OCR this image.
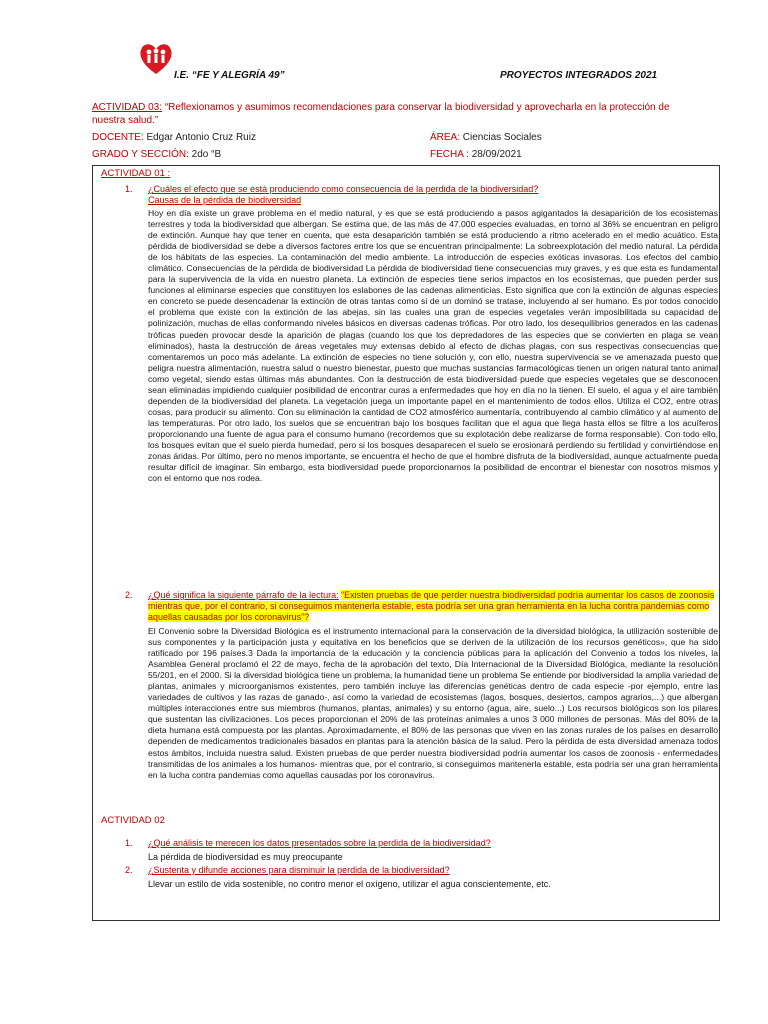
I.E. “FE Y ALEGRÍA 49”	PROYECTOS INTEGRADOS 2021
ACTIVIDAD 03: “Reflexionamos y asumimos recomendaciones para conservar la biodiversidad y aprovecharla en la protección de nuestra salud.”
DOCENTE: Edgar Antonio Cruz Ruiz	ÁREA: Ciencias Sociales
GRADO Y SECCIÓN: 2do “B	FECHA : 28/09/2021
ACTIVIDAD 01 :
1. ¿Cuáles el efecto que se está produciendo como consecuencia de la perdida de la biodiversidad?
Causas de la pérdida de biodiversidad
Hoy en día existe un grave problema en el medio natural, y es que se está produciendo a pasos agigantados la desaparición de los ecosistemas terrestres y toda la biodiversidad que albergan. Se estima que, de las más de 47.000 especies evaluadas, en torno al 36% se encuentran en peligro de extinción. Aunque hay que tener en cuenta, que esta desaparición también se está produciendo a ritmo acelerado en el medio acuático. Esta pérdida de biodiversidad se debe a diversos factores entre los que se encuentran principalmente: La sobreexplotación del medio natural. La pérdida de los hábitats de las especies. La contaminación del medio ambiente. La introducción de especies exóticas invasoras. Los efectos del cambio climático. Consecuencias de la pérdida de biodiversidad La pérdida de biodiversidad tiene consecuencias muy graves, y es que esta es fundamental para la supervivencia de la vida en nuestro planeta. La extinción de especies tiene serios impactos en los ecosistemas, que pueden perder sus funciones al eliminarse especies que constituyen los eslabones de las cadenas alimenticias. Esto significa que con la extinción de algunas especies en concreto se puede desencadenar la extinción de otras tantas como si de un dominó se tratase, incluyendo al ser humano. Es por todos conocido el problema que existe con la extinción de las abejas, sin las cuales una gran de especies vegetales verán imposibilitada su capacidad de polinización, muchas de ellas conformando niveles básicos en diversas cadenas tróficas. Por otro lado, los desequilibrios generados en las cadenas tróficas pueden provocar desde la aparición de plagas (cuando los que los depredadores de las especies que se convierten en plaga se vean eliminados), hasta la destrucción de áreas vegetales muy extensas debido al efecto de dichas plagas, con sus respectivas consecuencias que comentaremos un poco más adelante. La extinción de especies no tiene solución y, con ello, nuestra supervivencia se ve amenazada puesto que peligra nuestra alimentación, nuestra salud o nuestro bienestar, puesto que muchas sustancias farmacológicas tienen un origen natural tanto animal como vegetal, siendo estas últimas más abundantes. Con la destrucción de esta biodiversidad puede que especies vegetales que se desconocen sean eliminadas impidiendo cualquier posibilidad de encontrar curas a enfermedades que hoy en día no la tienen. El suelo, el agua y el aire también dependen de la biodiversidad del planeta. La vegetación juega un importante papel en el mantenimiento de todos ellos. Utiliza el CO2, entre otras cosas, para producir su alimento. Con su eliminación la cantidad de CO2 atmosférico aumentaría, contribuyendo al cambio climático y al aumento de las temperaturas. Por otro lado, los suelos que se encuentran bajo los bosques facilitan que el agua que llega hasta ellos se filtre a los acuíferos proporcionando una fuente de agua para el consumo humano (recordemos que su explotación debe realizarse de forma responsable). Con todo ello, los bosques evitan que el suelo pierda humedad, pero si los bosques desaparecen el suelo se erosionará perdiendo su fertilidad y convirtiéndose en zonas áridas. Por último, pero no menos importante, se encuentra el hecho de que el hombre disfruta de la biodiversidad, aunque actualmente pueda resultar difícil de imaginar. Sin embargo, esta biodiversidad puede proporcionarnos la posibilidad de encontrar el bienestar con nosotros mismos y con el entorno que nos rodea.
2. ¿Qué significa la siguiente párrafo de la lectura: “Existen pruebas de que perder nuestra biodiversidad podría aumentar los casos de zoonosis mientras que, por el contrario, si conseguimos mantenerla estable, esta podría ser una gran herramienta en la lucha contra pandemias como aquellas causadas por los coronavirus”?
El Convenio sobre la Diversidad Biológica es el instrumento internacional para la conservación de la diversidad biológica, la utilización sostenible de sus componentes y la participación justa y equitativa en los beneficios que se deriven de la utilización de los recursos genéticos», que ha sido ratificado por 196 países.3 Dada la importancia de la educación y la conciencia públicas para la aplicación del Convenio a todos los niveles, la Asamblea General proclamó el 22 de mayo, fecha de la aprobación del texto, Día Internacional de la Diversidad Biológica, mediante la resolución 55/201, en el 2000. Si la diversidad biológica tiene un problema, la humanidad tiene un problema Se entiende por biodiversidad la amplia variedad de plantas, animales y microorganismos existentes, pero también incluye las diferencias genéticas dentro de cada especie -por ejemplo, entre las variedades de cultivos y las razas de ganado-, así como la variedad de ecosistemas (lagos, bosques, desiertos, campos agrarios,...) que albergan múltiples interacciones entre sus miembros (humanos, plantas, animales) y su entorno (agua, aire, suelo...) Los recursos biológicos son los pilares que sustentan las civilizaciones. Los peces proporcionan el 20% de las proteínas animales a unos 3 000 millones de personas. Más del 80% de la dieta humana está compuesta por las plantas. Aproximadamente, el 80% de las personas que viven en las zonas rurales de los países en desarrollo dependen de medicamentos tradicionales basados en plantas para la atención básica de la salud. Pero la pérdida de esta diversidad amenaza todos estos ámbitos, incluida nuestra salud. Existen pruebas de que perder nuestra biodiversidad podría aumentar los casos de zoonosis - enfermedades transmitidas de los animales a los humanos- mientras que, por el contrario, si conseguimos mantenerla estable, esta podría ser una gran herramienta en la lucha contra pandemias como aquellas causadas por los coronavirus.
ACTIVIDAD 02
1. ¿Qué análisis te merecen los datos presentados sobre la perdida de la biodiversidad?
La pérdida de biodiversidad es muy preocupante
2. ¿Sustenta y difunde acciones para disminuir la perdida de la biodiversidad?
Llevar un estilo de vida sostenible, no contro menor el oxígeno, utilizar el agua conscientemente, etc.
